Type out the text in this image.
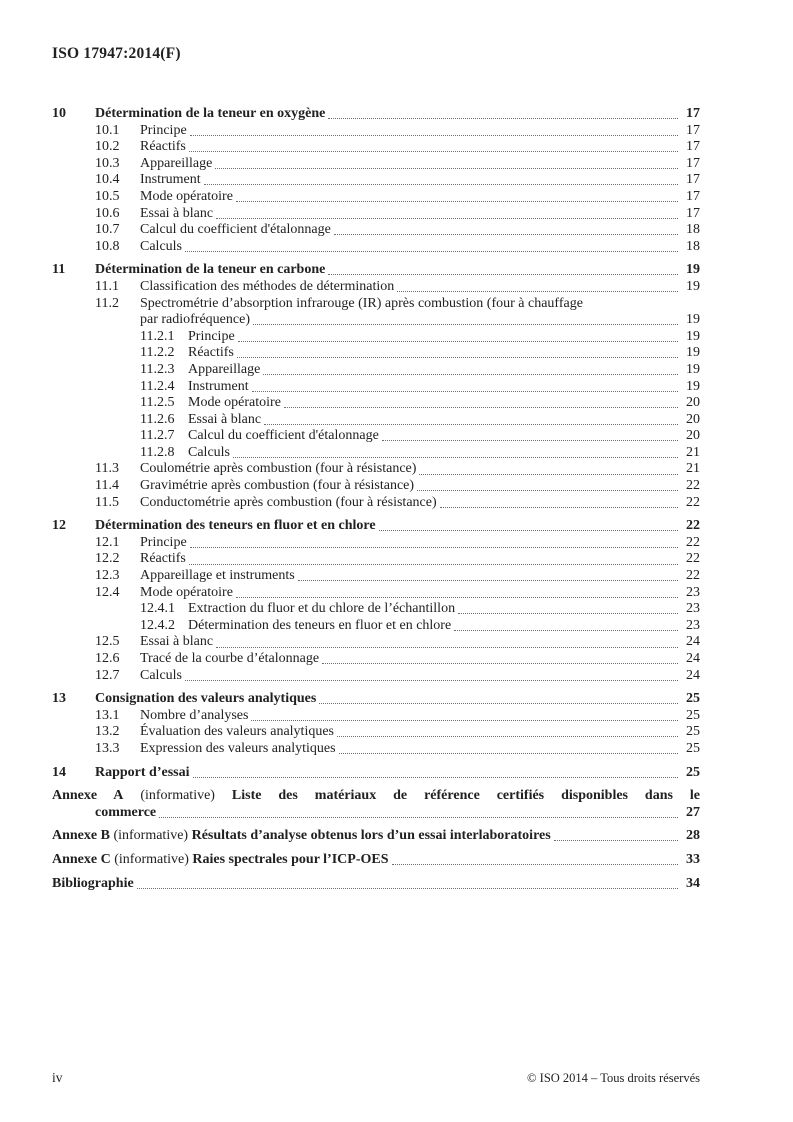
ISO 17947:2014(F)
10	Détermination de la teneur en oxygène	17
10.1	Principe	17
10.2	Réactifs	17
10.3	Appareillage	17
10.4	Instrument	17
10.5	Mode opératoire	17
10.6	Essai à blanc	17
10.7	Calcul du coefficient d'étalonnage	18
10.8	Calculs	18
11	Détermination de la teneur en carbone	19
11.1	Classification des méthodes de détermination	19
11.2	Spectrométrie d’absorption infrarouge (IR) après combustion (four à chauffage
par radiofréquence)	19
11.2.1 Principe	19
11.2.2 Réactifs	19
11.2.3 Appareillage	19
11.2.4 Instrument	19
11.2.5 Mode opératoire	20
11.2.6 Essai à blanc	20
11.2.7 Calcul du coefficient d'étalonnage	20
11.2.8 Calculs	21
11.3	Coulométrie après combustion (four à résistance)	21
11.4	Gravimétrie après combustion (four à résistance)	22
11.5	Conductométrie après combustion (four à résistance)	22
12	Détermination des teneurs en fluor et en chlore	22
12.1	Principe	22
12.2	Réactifs	22
12.3	Appareillage et instruments	22
12.4	Mode opératoire	23
12.4.1 Extraction du fluor et du chlore de l’échantillon	23
12.4.2 Détermination des teneurs en fluor et en chlore	23
12.5	Essai à blanc	24
12.6	Tracé de la courbe d’étalonnage	24
12.7	Calculs	24
13	Consignation des valeurs analytiques	25
13.1	Nombre d’analyses	25
13.2	Évaluation des valeurs analytiques	25
13.3	Expression des valeurs analytiques	25
14	Rapport d’essai	25
Annexe A (informative) Liste des matériaux de référence certifiés disponibles dans le
commerce	27
Annexe B (informative) Résultats d’analyse obtenus lors d’un essai interlaboratoires	28
Annexe C (informative) Raies spectrales pour l’ICP-OES	33
Bibliographie	34
iv	© ISO 2014 – Tous droits réservés
